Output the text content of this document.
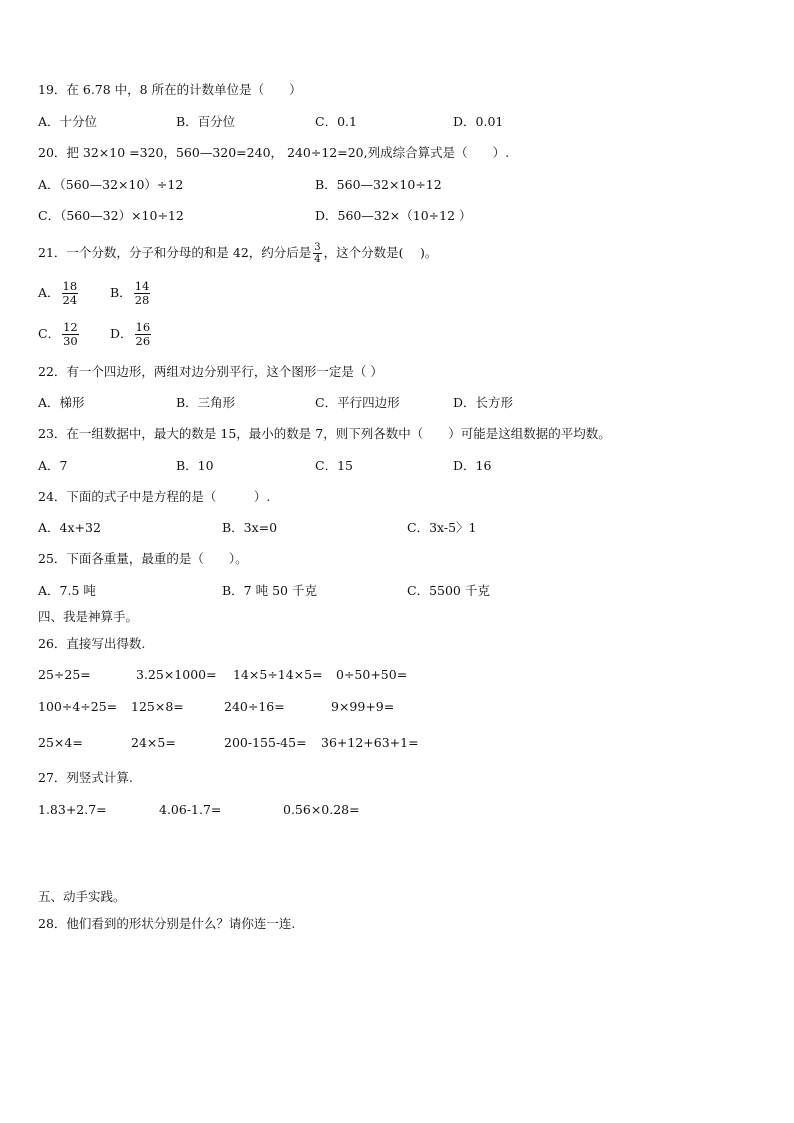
19．在 6.78 中，8 所在的计数单位是（　　）
A．十分位	B．百分位	C．0.1	D．0.01
20．把 32×10 =320，560—320=240， 240÷12=20,列成综合算式是（　　）.
A．（560—32×10）÷12	B．560—32×10÷12
C．（560—32）×10÷12	D．560—32×（10÷12 ）
21．一个分数，分子和分母的和是 42，约分后是 $\frac{3}{4}$ ，这个分数是(　 )。
A． $\frac{18}{24}$	B． $\frac{14}{28}$
C． $\frac{12}{30}$	D． $\frac{16}{26}$
22．有一个四边形，两组对边分别平行，这个图形一定是（ ）
A．梯形	B．三角形	C．平行四边形	D．长方形
23．在一组数据中，最大的数是 15，最小的数是 7，则下列各数中（　　）可能是这组数据的平均数。
A．7	B．10	C．15	D．16
24．下面的式子中是方程的是（　　　）.
A．4x+32	B．3x=0	C．3x-5〉1
25．下面各重量，最重的是（　　）。
A．7.5 吨	B．7 吨 50 千克	C．5500 千克
四、我是神算手。
26．直接写出得数.
25÷25=	3.25×1000= 14×5÷14×5= 0÷50+50=
100÷4÷25= 125×8=	240÷16=	9×99+9=
25×4=	24×5=	200-155-45= 36+12+63+1=
27．列竖式计算.
1.83+2.7=	4.06-1.7=	0.56×0.28=
五、动手实践。
28．他们看到的形状分别是什么？请你连一连.
